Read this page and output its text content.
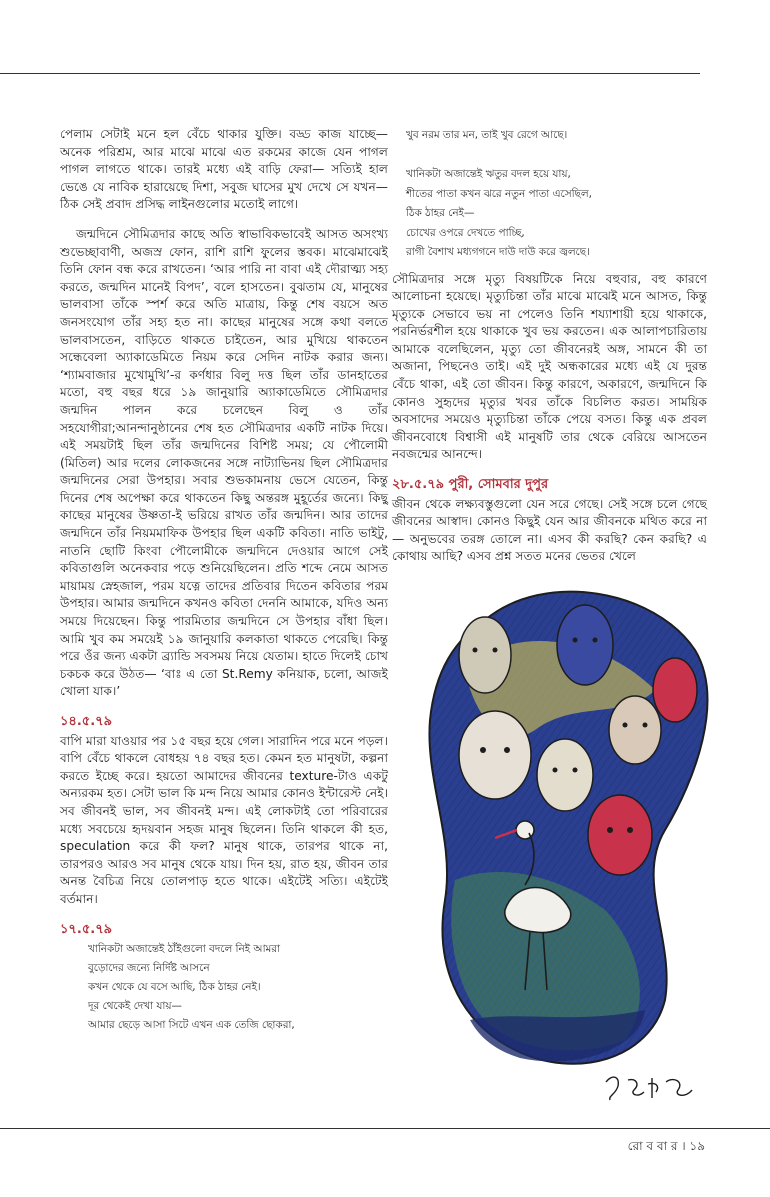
পেলাম সেটাই মনে হল বেঁচে থাকার যুক্তি। বড্ড কাজ যাচ্ছে— অনেক পরিশ্রম, আর মাঝে মাঝে এত রকমের কাজে যেন পাগল পাগল লাগতে থাকে। তারই মধ্যে এই বাড়ি ফেরা— সত্যিই হাল ভেঙে যে নাবিক হারায়েছে দিশা, সবুজ ঘাসের মুখ দেখে সে যখন— ঠিক সেই প্রবাদ প্রসিদ্ধ লাইনগুলোর মতোই লাগে।

জন্মদিনে সৌমিত্রদার কাছে অতি স্বাভাবিকভাবেই আসত অসংখ্য শুভেচ্ছাবাণী, অজস্র ফোন, রাশি রাশি ফুলের স্তবক। মাঝেমাঝেই তিনি ফোন বন্ধ করে রাখতেন। ‘আর পারি না বাবা এই দৌরাত্ম্য সহ্য করতে, জন্মদিন মানেই বিপদ’, বলে হাসতেন। বুঝতাম যে, মানুষের ভালবাসা তাঁকে স্পর্শ করে অতি মাত্রায়, কিন্তু শেষ বয়সে অত জনসংযোগ তাঁর সহ্য হত না। কাছের মানুষের সঙ্গে কথা বলতে ভালবাসতেন, বাড়িতে থাকতে চাইতেন, আর মুখিয়ে থাকতেন সন্ধেবেলা অ্যাকাডেমিতে নিয়ম করে সেদিন নাটক করার জন্য। ‘শ্যামবাজার মুখোমুখি’-র কর্ণধার বিলু দত্ত ছিল তাঁর ডানহাতের মতো, বহু বছর ধরে ১৯ জানুয়ারি অ্যাকাডেমিতে সৌমিত্রদার জন্মদিন পালন করে চলেছেন বিলু ও তাঁর সহযোগীরা;আনন্দানুষ্ঠানের শেষ হত সৌমিত্রদার একটি নাটক দিয়ে। এই সময়টাই ছিল তাঁর জন্মদিনের বিশিষ্ট সময়; যে পৌলোমী (মিতিল) আর দলের লোকজনের সঙ্গে নাট্যাভিনয় ছিল সৌমিত্রদার জন্মদিনের সেরা উপহার। সবার শুভকামনায় ভেসে যেতেন, কিন্তু দিনের শেষ অপেক্ষা করে থাকতেন কিছু অন্তরঙ্গ মুহূর্তের জন্যে। কিছু কাছের মানুষের উষ্ণতা-ই ভরিয়ে রাখত তাঁর জন্মদিন। আর তাদের জন্মদিনে তাঁর নিয়মমাফিক উপহার ছিল একটি কবিতা। নাতি ভাইটু, নাতনি ছোটি কিংবা পৌলোমীকে জন্মদিনে দেওয়ার আগে সেই কবিতাগুলি অনেকবার পড়ে শুনিয়েছিলেন। প্রতি শব্দে নেমে আসত মায়াময় স্নেহজাল, পরম যত্নে তাদের প্রতিবার দিতেন কবিতার পরম উপহার। আমার জন্মদিনে কখনও কবিতা দেননি আমাকে, যদিও অন্য সময়ে দিয়েছেন। কিন্তু পারমিতার জন্মদিনে সে উপহার বাঁধা ছিল। আমি খুব কম সময়েই ১৯ জানুয়ারি কলকাতা থাকতে পেরেছি। কিন্তু পরে ওঁর জন্য একটা ব্র্যান্ডি সবসময় নিয়ে যেতাম। হাতে দিলেই চোখ চকচক করে উঠত— ‘বাঃ এ তো St.Remy কনিয়াক, চলো, আজই খোলা যাক।’

১৪.৫.৭৯

বাপি মারা যাওয়ার পর ১৫ বছর হয়ে গেল। সারাদিন পরে মনে পড়ল। বাপি বেঁচে থাকলে বোধহয় ৭৪ বছর হত। কেমন হত মানুষটা, কল্পনা করতে ইচ্ছে করে। হয়তো আমাদের জীবনের texture-টাও একটু অন্যরকম হত। সেটা ভাল কি মন্দ নিয়ে আমার কোনও ইন্টারেস্ট নেই। সব জীবনই ভাল, সব জীবনই মন্দ। এই লোকটাই তো পরিবারের মধ্যে সবচেয়ে হৃদয়বান সহজ মানুষ ছিলেন। তিনি থাকলে কী হত, speculation করে কী ফল? মানুষ থাকে, তারপর থাকে না, তারপরও আরও সব মানুষ থেকে যায়। দিন হয়, রাত হয়, জীবন তার অনন্ত বৈচিত্র নিয়ে তোলপাড় হতে থাকে। এইটেই সত্যি। এইটেই বর্তমান।

১৭.৫.৭৯
খানিকটা অজান্তেই ঠাঁইগুলো বদলে নিই আমরা
বুড়োদের জন্যে নির্দিষ্ট আসনে
কখন থেকে যে বসে আছি, ঠিক ঠাহর নেই।
দূর থেকেই দেখা যায়—
আমার ছেড়ে আসা সিটে এখন এক তেজি ছোকরা,
খুব নরম তার মন, তাই খুব রেগে আছে।

খানিকটা অজান্তেই ঋতুর বদল হয়ে যায়,
শীতের পাতা কখন ঝরে নতুন পাতা এসেছিল,
ঠিক ঠাহর নেই—
চোখের ওপরে দেখতে পাচ্ছি,
রাগী বৈশাখ মধ্যগগনে দাউ দাউ করে জ্বলছে।

সৌমিত্রদার সঙ্গে মৃত্যু বিষয়টিকে নিয়ে বহুবার, বহু কারণে আলোচনা হয়েছে। মৃত্যুচিন্তা তাঁর মাঝে মাঝেই মনে আসত, কিন্তু মৃত্যুকে সেভাবে ভয় না পেলেও তিনি শয্যাশায়ী হয়ে থাকাকে, পরনির্ভরশীল হয়ে থাকাকে খুব ভয় করতেন। এক আলাপচারিতায় আমাকে বলেছিলেন, মৃত্যু তো জীবনেরই অঙ্গ, সামনে কী তা অজানা, পিছনেও তাই। এই দুই অন্ধকারের মধ্যে এই যে দুরন্ত বেঁচে থাকা, এই তো জীবন। কিন্তু কারণে, অকারণে, জন্মদিনে কি কোনও সুহৃদের মৃত্যুর খবর তাঁকে বিচলিত করত। সাময়িক অবসাদের সময়েও মৃত্যুচিন্তা তাঁকে পেয়ে বসত। কিন্তু এক প্রবল জীবনবোধে বিশ্বাসী এই মানুষটি তার থেকে বেরিয়ে আসতেন নবজন্মের আনন্দে।

২৮.৫.৭৯ পুরী, সোমবার দুপুর

জীবন থেকে লক্ষ্যবস্তুগুলো যেন সরে গেছে। সেই সঙ্গে চলে গেছে জীবনের আস্বাদ। কোনও কিছুই যেন আর জীবনকে মথিত করে না— অনুভবের তরঙ্গ তোলে না। এসব কী করছি? কেন করছি? এ কোথায় আছি? এসব প্রশ্ন সতত মনের ভেতর খেলে

রো ব বা র । ১৯
